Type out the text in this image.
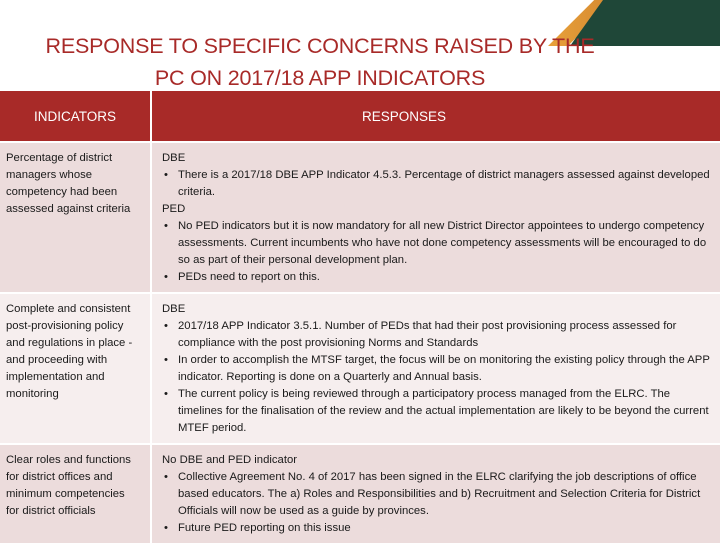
RESPONSE TO SPECIFIC CONCERNS RAISED BY THE
PC ON 2017/18 APP INDICATORS
INDICATORS	RESPONSES
Percentage of district managers whose competency had been assessed against criteria	DBE
• There is a 2017/18 DBE APP Indicator 4.5.3. Percentage of district managers assessed against developed criteria.
PED
• No PED indicators but it is now mandatory for all new District Director appointees to undergo competency assessments. Current incumbents who have not done competency assessments will be encouraged to do so as part of their personal development plan.
• PEDs need to report on this.

Complete and consistent post-provisioning policy and regulations in place - and proceeding with implementation and monitoring	DBE
• 2017/18 APP Indicator 3.5.1. Number of PEDs that had their post provisioning process assessed for compliance with the post provisioning Norms and Standards
• In order to accomplish the MTSF target, the focus will be on monitoring the existing policy through the APP indicator. Reporting is done on a Quarterly and Annual basis.
• The current policy is being reviewed through a participatory process managed from the ELRC. The timelines for the finalisation of the review and the actual implementation are likely to be beyond the current MTEF period.

Clear roles and functions for district offices and minimum competencies for district officials	No DBE and PED indicator
• Collective Agreement No. 4 of 2017 has been signed in the ELRC clarifying the job descriptions of office based educators. The a) Roles and Responsibilities and b) Recruitment and Selection Criteria for District Officials will now be used as a guide by provinces.
• Future PED reporting on this issue
